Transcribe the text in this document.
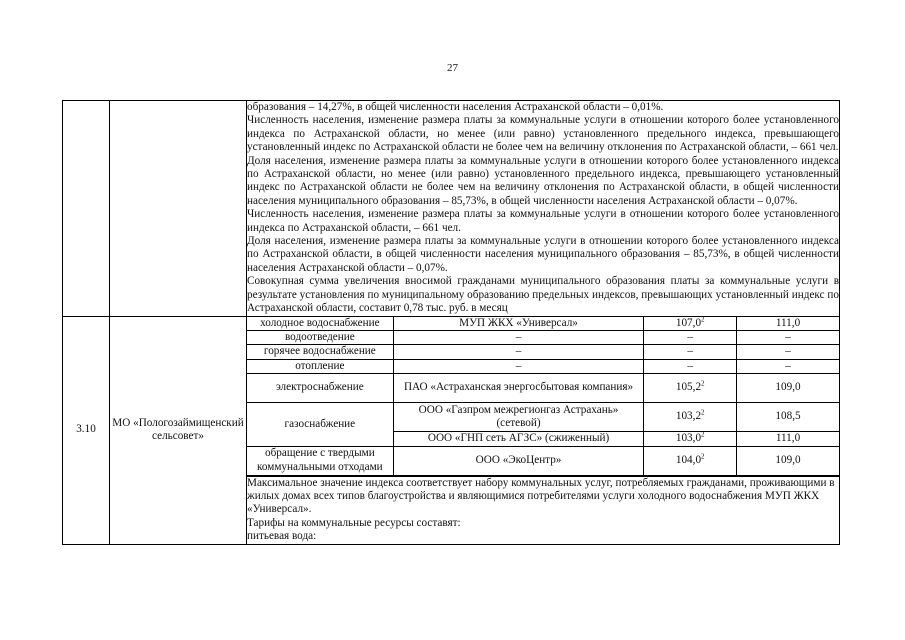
27

образования – 14,27%, в общей численности населения Астраханской области – 0,01%.

Численность населения, изменение размера платы за коммунальные услуги в отношении которого более установленного индекса по Астраханской области, но менее (или равно) установленного предельного индекса, превышающего установленный индекс по Астраханской области не более чем на величину отклонения по Астраханской области, – 661 чел.

Доля населения, изменение размера платы за коммунальные услуги в отношении которого более установленного индекса по Астраханской области, но менее (или равно) установленного предельного индекса, превышающего установленный индекс по Астраханской области не более чем на величину отклонения по Астраханской области, в общей численности населения муниципального образования – 85,73%, в общей численности населения Астраханской области – 0,07%.

Численность населения, изменение размера платы за коммунальные услуги в отношении которого более установленного индекса по Астраханской области, – 661 чел.

Доля населения, изменение размера платы за коммунальные услуги в отношении которого более установленного индекса по Астраханской области, в общей численности населения муниципального образования – 85,73%, в общей численности населения Астраханской области – 0,07%.

Совокупная сумма увеличения вносимой гражданами муниципального образования платы за коммунальные услуги в результате установления по муниципальному образованию предельных индексов, превышающих установленный индекс по Астраханской области, составит 0,78 тыс. руб. в месяц

3.10	МО «Пологозаймищенский сельсовет»	
холодное водоснабжение	МУП ЖКХ «Универсал»	107,0$^2$	111,0
водоотведение	–	–	–
горячее водоснабжение	–	–	–
отопление	–	–	–
электроснабжение	ПАО «Астраханская энергосбытовая компания»	105,2$^2$	109,0
газоснабжение	ООО «Газпром межрегионгаз Астрахань» (сетевой)	103,2$^2$	108,5
ООО «ГНП сеть АГЗС» (сжиженный)	103,0$^2$	111,0
обращение с твердыми коммунальными отходами	ООО «ЭкоЦентр»	104,0$^2$	109,0

Максимальное значение индекса соответствует набору коммунальных услуг, потребляемых гражданами, проживающими в жилых домах всех типов благоустройства и являющимися потребителями услуги холодного водоснабжения МУП ЖКХ «Универсал».

Тарифы на коммунальные ресурсы составят:

питьевая вода:
